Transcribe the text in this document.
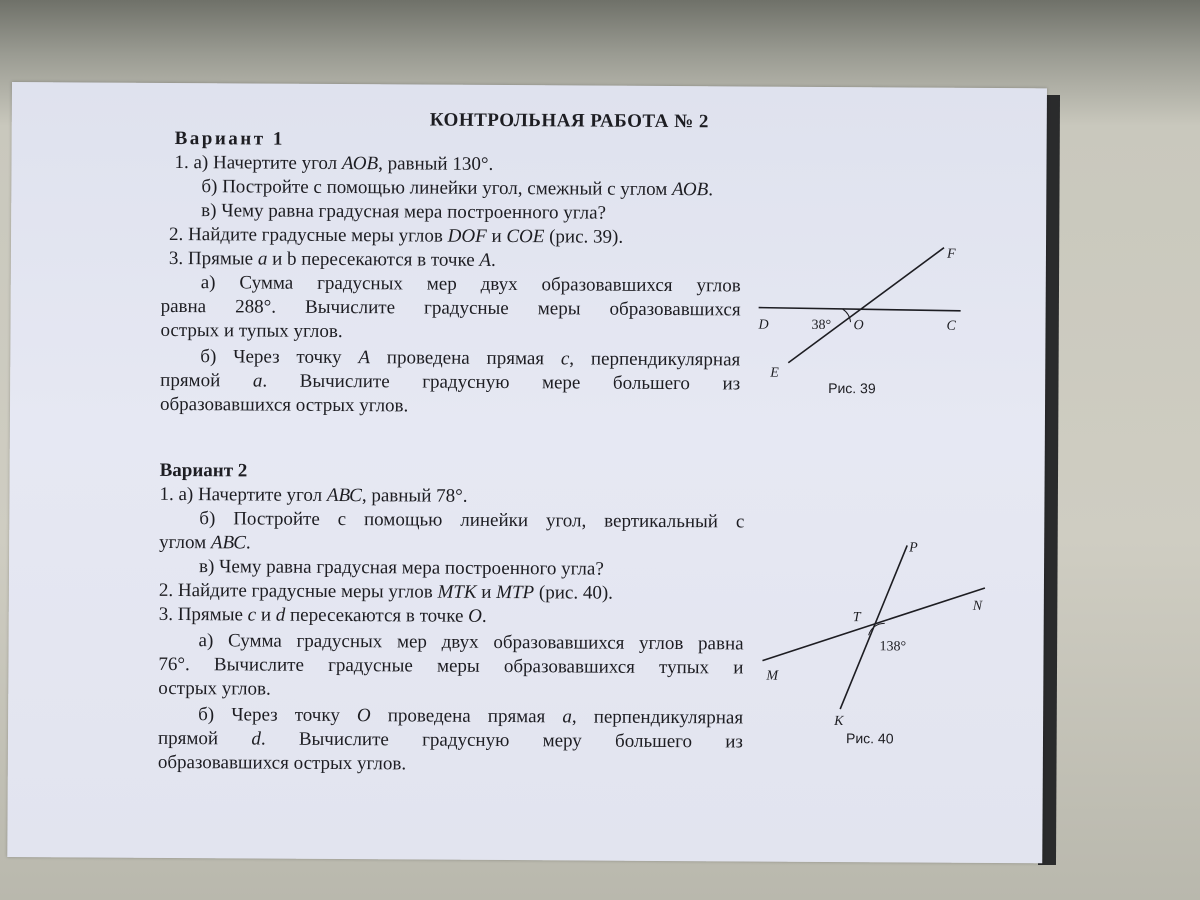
КОНТРОЛЬНАЯ РАБОТА № 2
Вариант 1
1. а) Начертите угол АОВ, равный 130°.
б) Постройте с помощью линейки угол, смежный с углом АОВ.
в) Чему равна градусная мера построенного угла?
2. Найдите градусные меры углов DOF и COE (рис. 39).
3. Прямые a и b пересекаются в точке A.
а) Сумма градусных мер двух образовавшихся углов
равна 288°. Вычислите градусные меры образовавшихся
острых и тупых углов.
б) Через точку A проведена прямая c, перпендикулярная
прямой a. Вычислите градусную мере большего из
образовавшихся острых углов.
F
D	38° O	C
E
Рис. 39
Вариант 2
1. а) Начертите угол АВС, равный 78°.
б) Постройте с помощью линейки угол, вертикальный с
углом АВС.
в) Чему равна градусная мера построенного угла?
2. Найдите градусные меры углов МТК и МТР (рис. 40).
3. Прямые c и d пересекаются в точке O.
а) Сумма градусных мер двух образовавшихся углов равна
76°. Вычислите градусные меры образовавшихся тупых и
острых углов.
б) Через точку O проведена прямая a, перпендикулярная
прямой d. Вычислите градусную меру большего из
образовавшихся острых углов.
P
N
T
138°
M
K
Рис. 40
